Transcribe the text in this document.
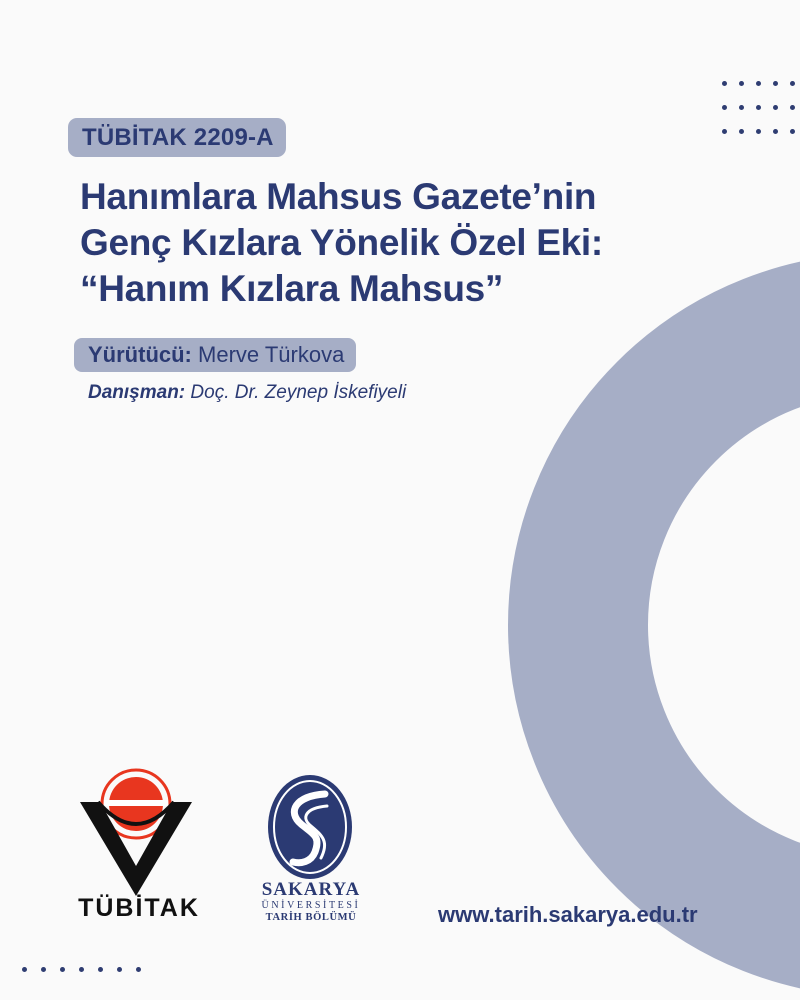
TÜBİTAK 2209-A
Hanımlara Mahsus Gazete’nin
Genç Kızlara Yönelik Özel Eki:
“Hanım Kızlara Mahsus”
Yürütücü: Merve Türkova
Danışman: Doç. Dr. Zeynep İskefiyeli
TÜBİTAK
SAKARYA
ÜNİVERSİTESİ
TARİH BÖLÜMÜ	www.tarih.sakarya.edu.tr
